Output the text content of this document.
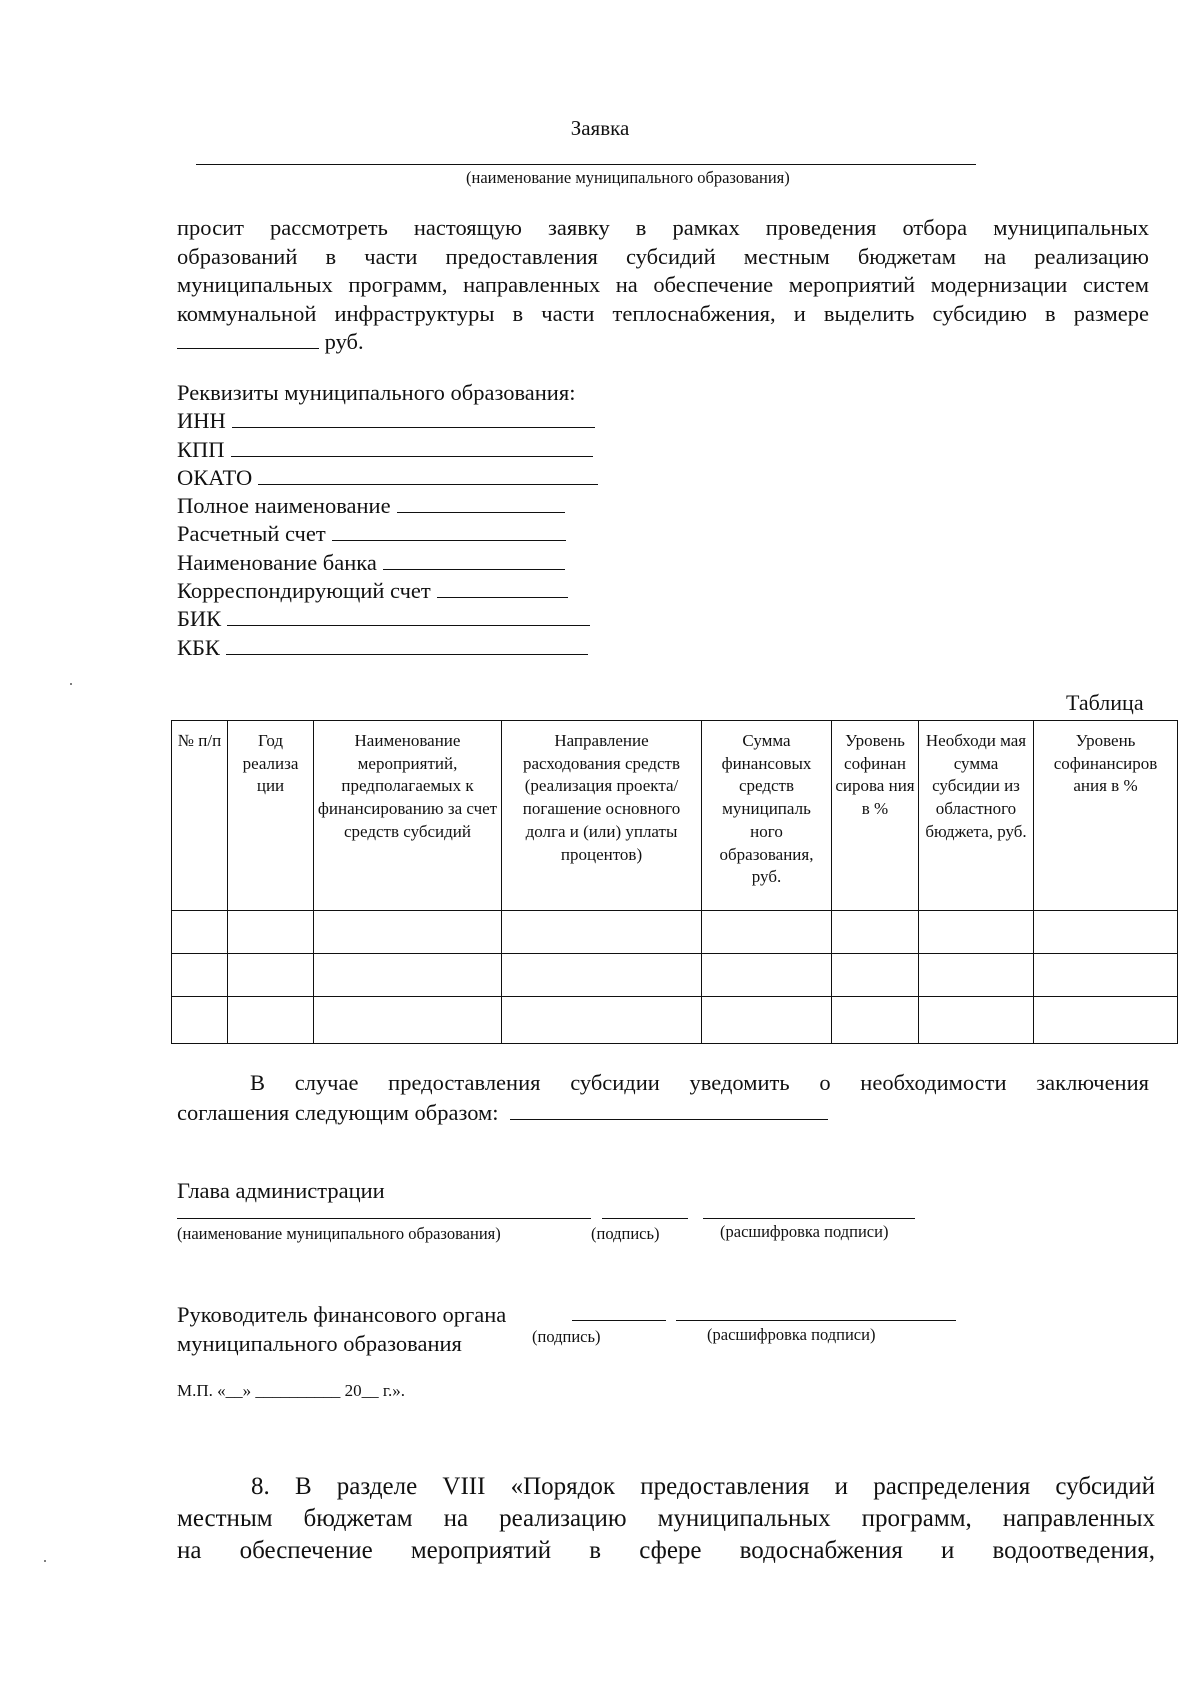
Заявка
(наименование муниципального образования)
просит рассмотреть настоящую заявку в рамках проведения отбора муниципальных
образований в части предоставления субсидий местным бюджетам на реализацию
муниципальных программ, направленных на обеспечение мероприятий модернизации систем
коммунальной инфраструктуры в части теплоснабжения, и выделить субсидию в размере
руб.
Реквизиты муниципального образования:
ИНН
КПП
ОКАТО
Полное наименование
Расчетный счет
Наименование банка
Корреспондирующий счет
БИК
КБК
Таблица
№ п/п	Год реализа ции	Наименование мероприятий, предполагаемых к финансированию за счет средств субсидий	Направление расходования средств (реализация проекта/ погашение основного долга и (или) уплаты процентов)	Сумма финансовых средств муниципаль ного образования, руб.	Уровень софинан сирова ния в %	Необходи мая сумма субсидии из областного бюджета, руб.	Уровень софинансиров ания в %

В случае предоставления субсидии уведомить о необходимости заключения
соглашения следующим образом:
Глава администрации
(наименование муниципального образования)	(подпись)	(расшифровка подписи)
Руководитель финансового органа
муниципального образования	(подпись)	(расшифровка подписи)
М.П. «__» __________ 20__ г.».
8. В разделе VIII «Порядок предоставления и распределения субсидий
местным бюджетам на реализацию муниципальных программ, направленных
на обеспечение мероприятий в сфере водоснабжения и водоотведения,
